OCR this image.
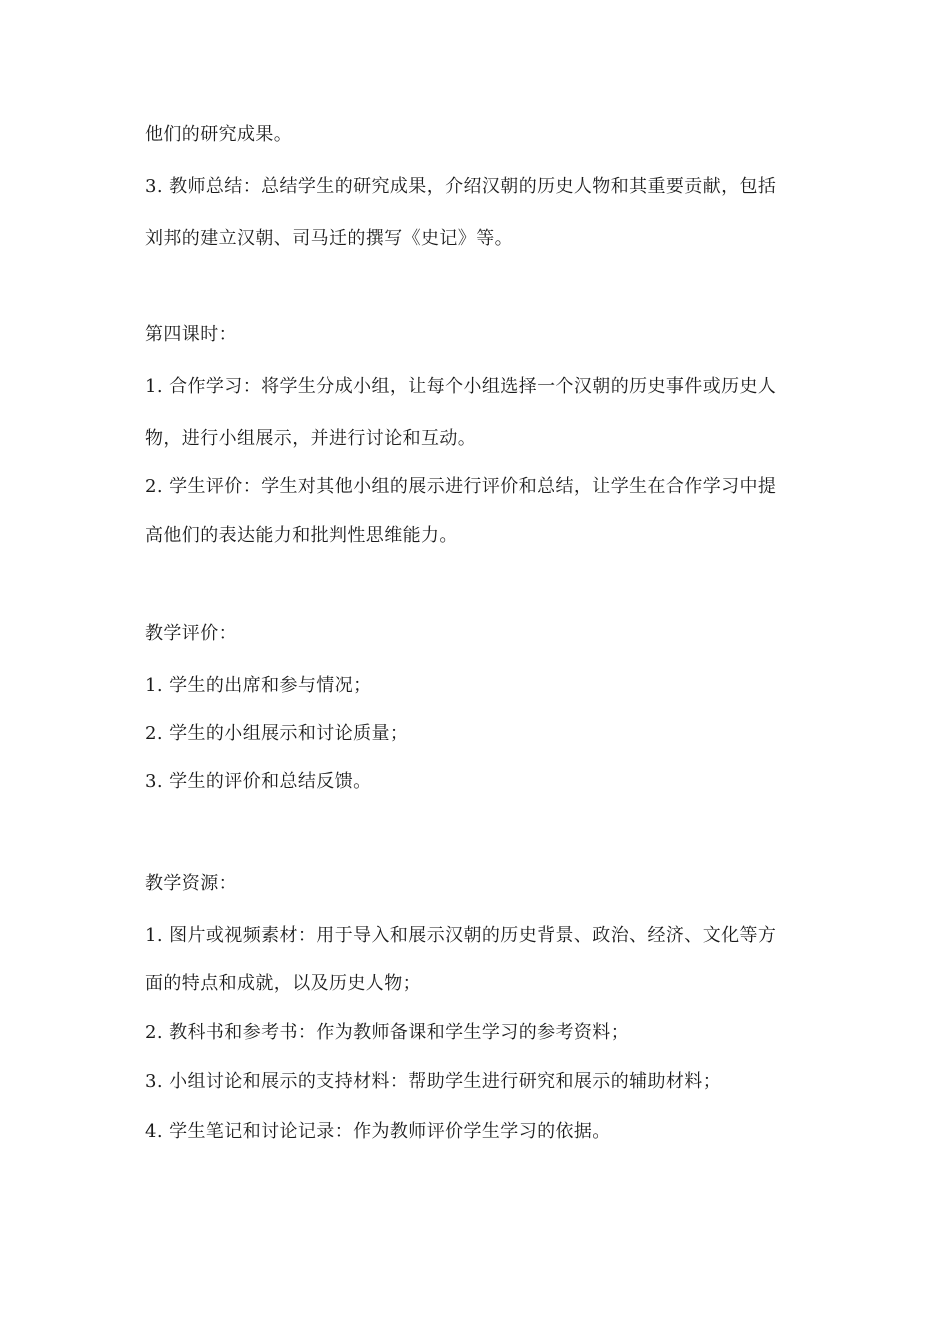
他们的研究成果。
3. 教师总结：总结学生的研究成果，介绍汉朝的历史人物和其重要贡献，包括
刘邦的建立汉朝、司马迁的撰写《史记》等。
第四课时：
1. 合作学习：将学生分成小组，让每个小组选择一个汉朝的历史事件或历史人
物，进行小组展示，并进行讨论和互动。
2. 学生评价：学生对其他小组的展示进行评价和总结，让学生在合作学习中提
高他们的表达能力和批判性思维能力。
教学评价：
1. 学生的出席和参与情况；
2. 学生的小组展示和讨论质量；
3. 学生的评价和总结反馈。
教学资源：
1. 图片或视频素材：用于导入和展示汉朝的历史背景、政治、经济、文化等方
面的特点和成就，以及历史人物；
2. 教科书和参考书：作为教师备课和学生学习的参考资料；
3. 小组讨论和展示的支持材料：帮助学生进行研究和展示的辅助材料；
4. 学生笔记和讨论记录：作为教师评价学生学习的依据。
